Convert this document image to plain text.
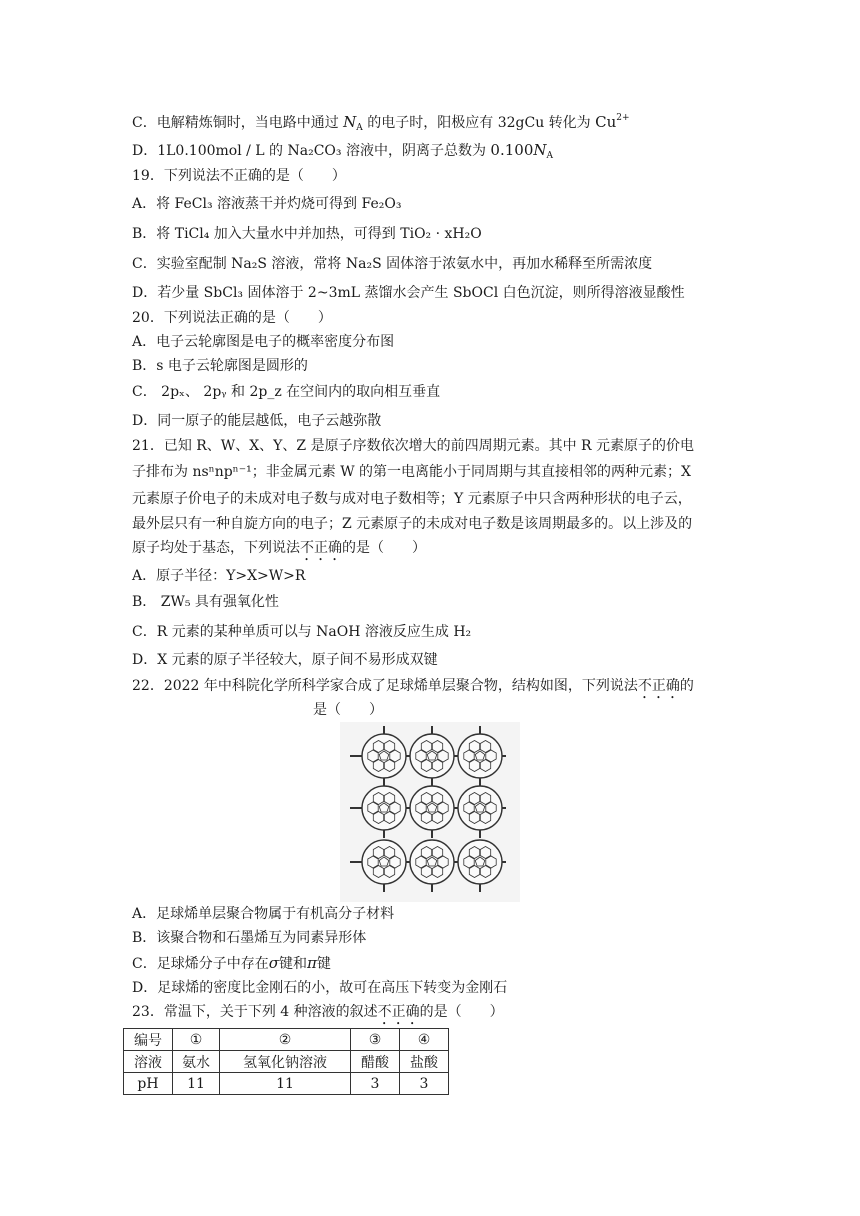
C．电解精炼铜时，当电路中通过 $N_A$ 的电子时，阳极应有 32gCu 转化为 $Cu^{2+}$
D．1L0.100mol / L 的 Na₂CO₃ 溶液中，阴离子总数为 $0.100N_A$
19．下列说法不正确的是（　　）
A．将 FeCl₃ 溶液蒸干并灼烧可得到 Fe₂O₃
B．将 TiCl₄ 加入大量水中并加热，可得到 TiO₂ · xH₂O
C．实验室配制 Na₂S 溶液，常将 Na₂S 固体溶于浓氨水中，再加水稀释至所需浓度
D．若少量 SbCl₃ 固体溶于 2~3mL 蒸馏水会产生 SbOCl 白色沉淀，则所得溶液显酸性
20．下列说法正确的是（　　）
A．电子云轮廓图是电子的概率密度分布图
B．s 电子云轮廓图是圆形的
C． 2pₓ、 2pᵧ 和 2p_z 在空间内的取向相互垂直
D．同一原子的能层越低，电子云越弥散
21．已知 R、W、X、Y、Z 是原子序数依次增大的前四周期元素。其中 R 元素原子的价电
子排布为 nsⁿnpⁿ⁻¹；非金属元素 W 的第一电离能小于同周期与其直接相邻的两种元素；X
元素原子价电子的未成对电子数与成对电子数相等；Y 元素原子中只含两种形状的电子云，
最外层只有一种自旋方向的电子；Z 元素原子的未成对电子数是该周期最多的。以上涉及的
原子均处于基态，下列说法不正确的是（　　）
A．原子半径：Y>X>W>R
B． ZW₅ 具有强氧化性
C．R 元素的某种单质可以与 NaOH 溶液反应生成 H₂
D．X 元素的原子半径较大，原子间不易形成双键
22．2022 年中科院化学所科学家合成了足球烯单层聚合物，结构如图，下列说法不正确的
是（　　）
A．足球烯单层聚合物属于有机高分子材料
B．该聚合物和石墨烯互为同素异形体
C．足球烯分子中存在σ键和π键
D．足球烯的密度比金刚石的小，故可在高压下转变为金刚石
23．常温下，关于下列 4 种溶液的叙述不正确的是（　　）
编号	①	②	③	④
溶液	氨水	氢氧化钠溶液	醋酸	盐酸
pH	11	11	3	3
